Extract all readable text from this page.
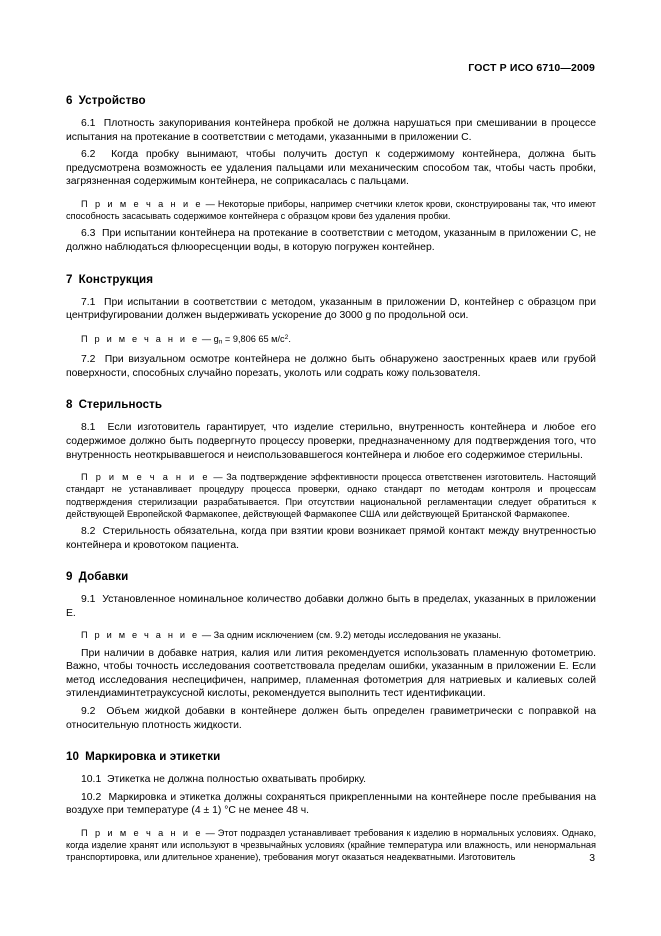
ГОСТ Р ИСО 6710—2009
6 Устройство

6.1 Плотность закупоривания контейнера пробкой не должна нарушаться при смешивании в процессе испытания на протекание в соответствии с методами, указанными в приложении C.

6.2 Когда пробку вынимают, чтобы получить доступ к содержимому контейнера, должна быть предусмотрена возможность ее удаления пальцами или механическим способом так, чтобы часть пробки, загрязненная содержимым контейнера, не соприкасалась с пальцами.

П р и м е ч а н и е — Некоторые приборы, например счетчики клеток крови, сконструированы так, что имеют способность засасывать содержимое контейнера с образцом крови без удаления пробки.

6.3 При испытании контейнера на протекание в соответствии с методом, указанным в приложении C, не должно наблюдаться флюоресценции воды, в которую погружен контейнер.

7 Конструкция

7.1 При испытании в соответствии с методом, указанным в приложении D, контейнер с образцом при центрифугировании должен выдерживать ускорение до 3000 g по продольной оси.

П р и м е ч а н и е — $g_n = 9,806$ 65 $м/с^2$.

7.2 При визуальном осмотре контейнера не должно быть обнаружено заостренных краев или грубой поверхности, способных случайно порезать, уколоть или содрать кожу пользователя.

8 Стерильность

8.1 Если изготовитель гарантирует, что изделие стерильно, внутренность контейнера и любое его содержимое должно быть подвергнуто процессу проверки, предназначенному для подтверждения того, что внутренность неоткрывавшегося и неиспользовавшегося контейнера и любое его содержимое стерильны.

П р и м е ч а н и е — За подтверждение эффективности процесса ответственен изготовитель. Настоящий стандарт не устанавливает процедуру процесса проверки, однако стандарт по методам контроля и процессам подтверждения стерилизации разрабатывается. При отсутствии национальной регламентации следует обратиться к действующей Европейской Фармакопее, действующей Фармакопее США или действующей Британской Фармакопее.

8.2 Стерильность обязательна, когда при взятии крови возникает прямой контакт между внутренностью контейнера и кровотоком пациента.

9 Добавки

9.1 Установленное номинальное количество добавки должно быть в пределах, указанных в приложении E.

П р и м е ч а н и е — За одним исключением (см. 9.2) методы исследования не указаны.

При наличии в добавке натрия, калия или лития рекомендуется использовать пламенную фотометрию. Важно, чтобы точность исследования соответствовала пределам ошибки, указанным в приложении E. Если метод исследования неспецифичен, например, пламенная фотометрия для натриевых и калиевых солей этилендиаминтетрауксусной кислоты, рекомендуется выполнить тест идентификации.

9.2 Объем жидкой добавки в контейнере должен быть определен гравиметрически с поправкой на относительную плотность жидкости.

10 Маркировка и этикетки

10.1 Этикетка не должна полностью охватывать пробирку.

10.2 Маркировка и этикетка должны сохраняться прикрепленными на контейнере после пребывания на воздухе при температуре (4 ± 1) °C не менее 48 ч.

П р и м е ч а н и е — Этот подраздел устанавливает требования к изделию в нормальных условиях. Однако, когда изделие хранят или используют в чрезвычайных условиях (крайние температура или влажность, или ненормальная транспортировка, или длительное хранение), требования могут оказаться неадекватными. Изготовитель	3
